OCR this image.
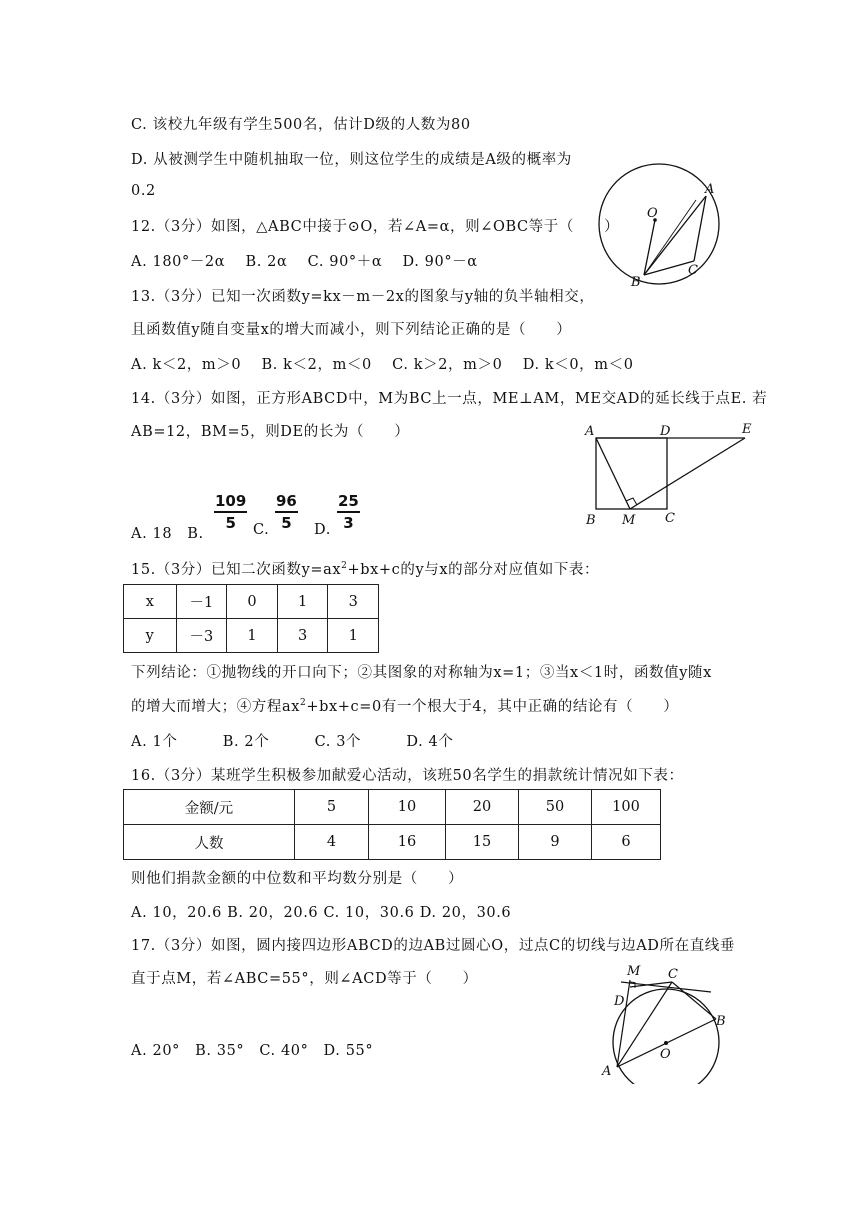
C. 该校九年级有学生500名，估计D级的人数为80
D. 从被测学生中随机抽取一位，则这位学生的成绩是A级的概率为
0.2
12.（3分）如图，△ABC中接于⊙O，若∠A=α，则∠OBC等于（　　）
A. 180°－2α　 B. 2α　 C. 90°＋α　 D. 90°－α
13.（3分）已知一次函数y=kx－m－2x的图象与y轴的负半轴相交，
且函数值y随自变量x的增大而减小，则下列结论正确的是（　　）
A. k＜2，m＞0　 B. k＜2，m＜0　 C. k＞2，m＞0　 D. k＜0，m＜0
14.（3分）如图，正方形ABCD中，M为BC上一点，ME⊥AM，ME交AD的延长线于点E. 若
AB=12，BM=5，则DE的长为（　　）
A. 18　B.
$\frac{109}{5} C$. $\frac{96}{5} D$. $\frac{25}{3}$
15.（3分）已知二次函数$y=ax^2+bx+c$的y与x的部分对应值如下表：
x	－1	0	1	3
y	－3	1	3	1
下列结论：①抛物线的开口向下；②其图象的对称轴为x=1；③当x＜1时，函数值y随x
的增大而增大；④方程$ax^2+bx+c=0$有一个根大于4，其中正确的结论有（　　）
A. 1个　　　B. 2个　　　C. 3个　　　D. 4个
16.（3分）某班学生积极参加献爱心活动，该班50名学生的捐款统计情况如下表：
金额/元	5	10	20	50	100
人数	4	16	15	9	6
则他们捐款金额的中位数和平均数分别是（　　）
A. 10，20.6 B. 20，20.6 C. 10，30.6 D. 20，30.6
17.（3分）如图，圆内接四边形ABCD的边AB过圆心O，过点C的切线与边AD所在直线垂
直于点M，若∠ABC=55°，则∠ACD等于（　　）
A. 20°　B. 35°　C. 40°　D. 55°
O
A
B
C
A	D	E
B M C
M C
D
B
O
A
